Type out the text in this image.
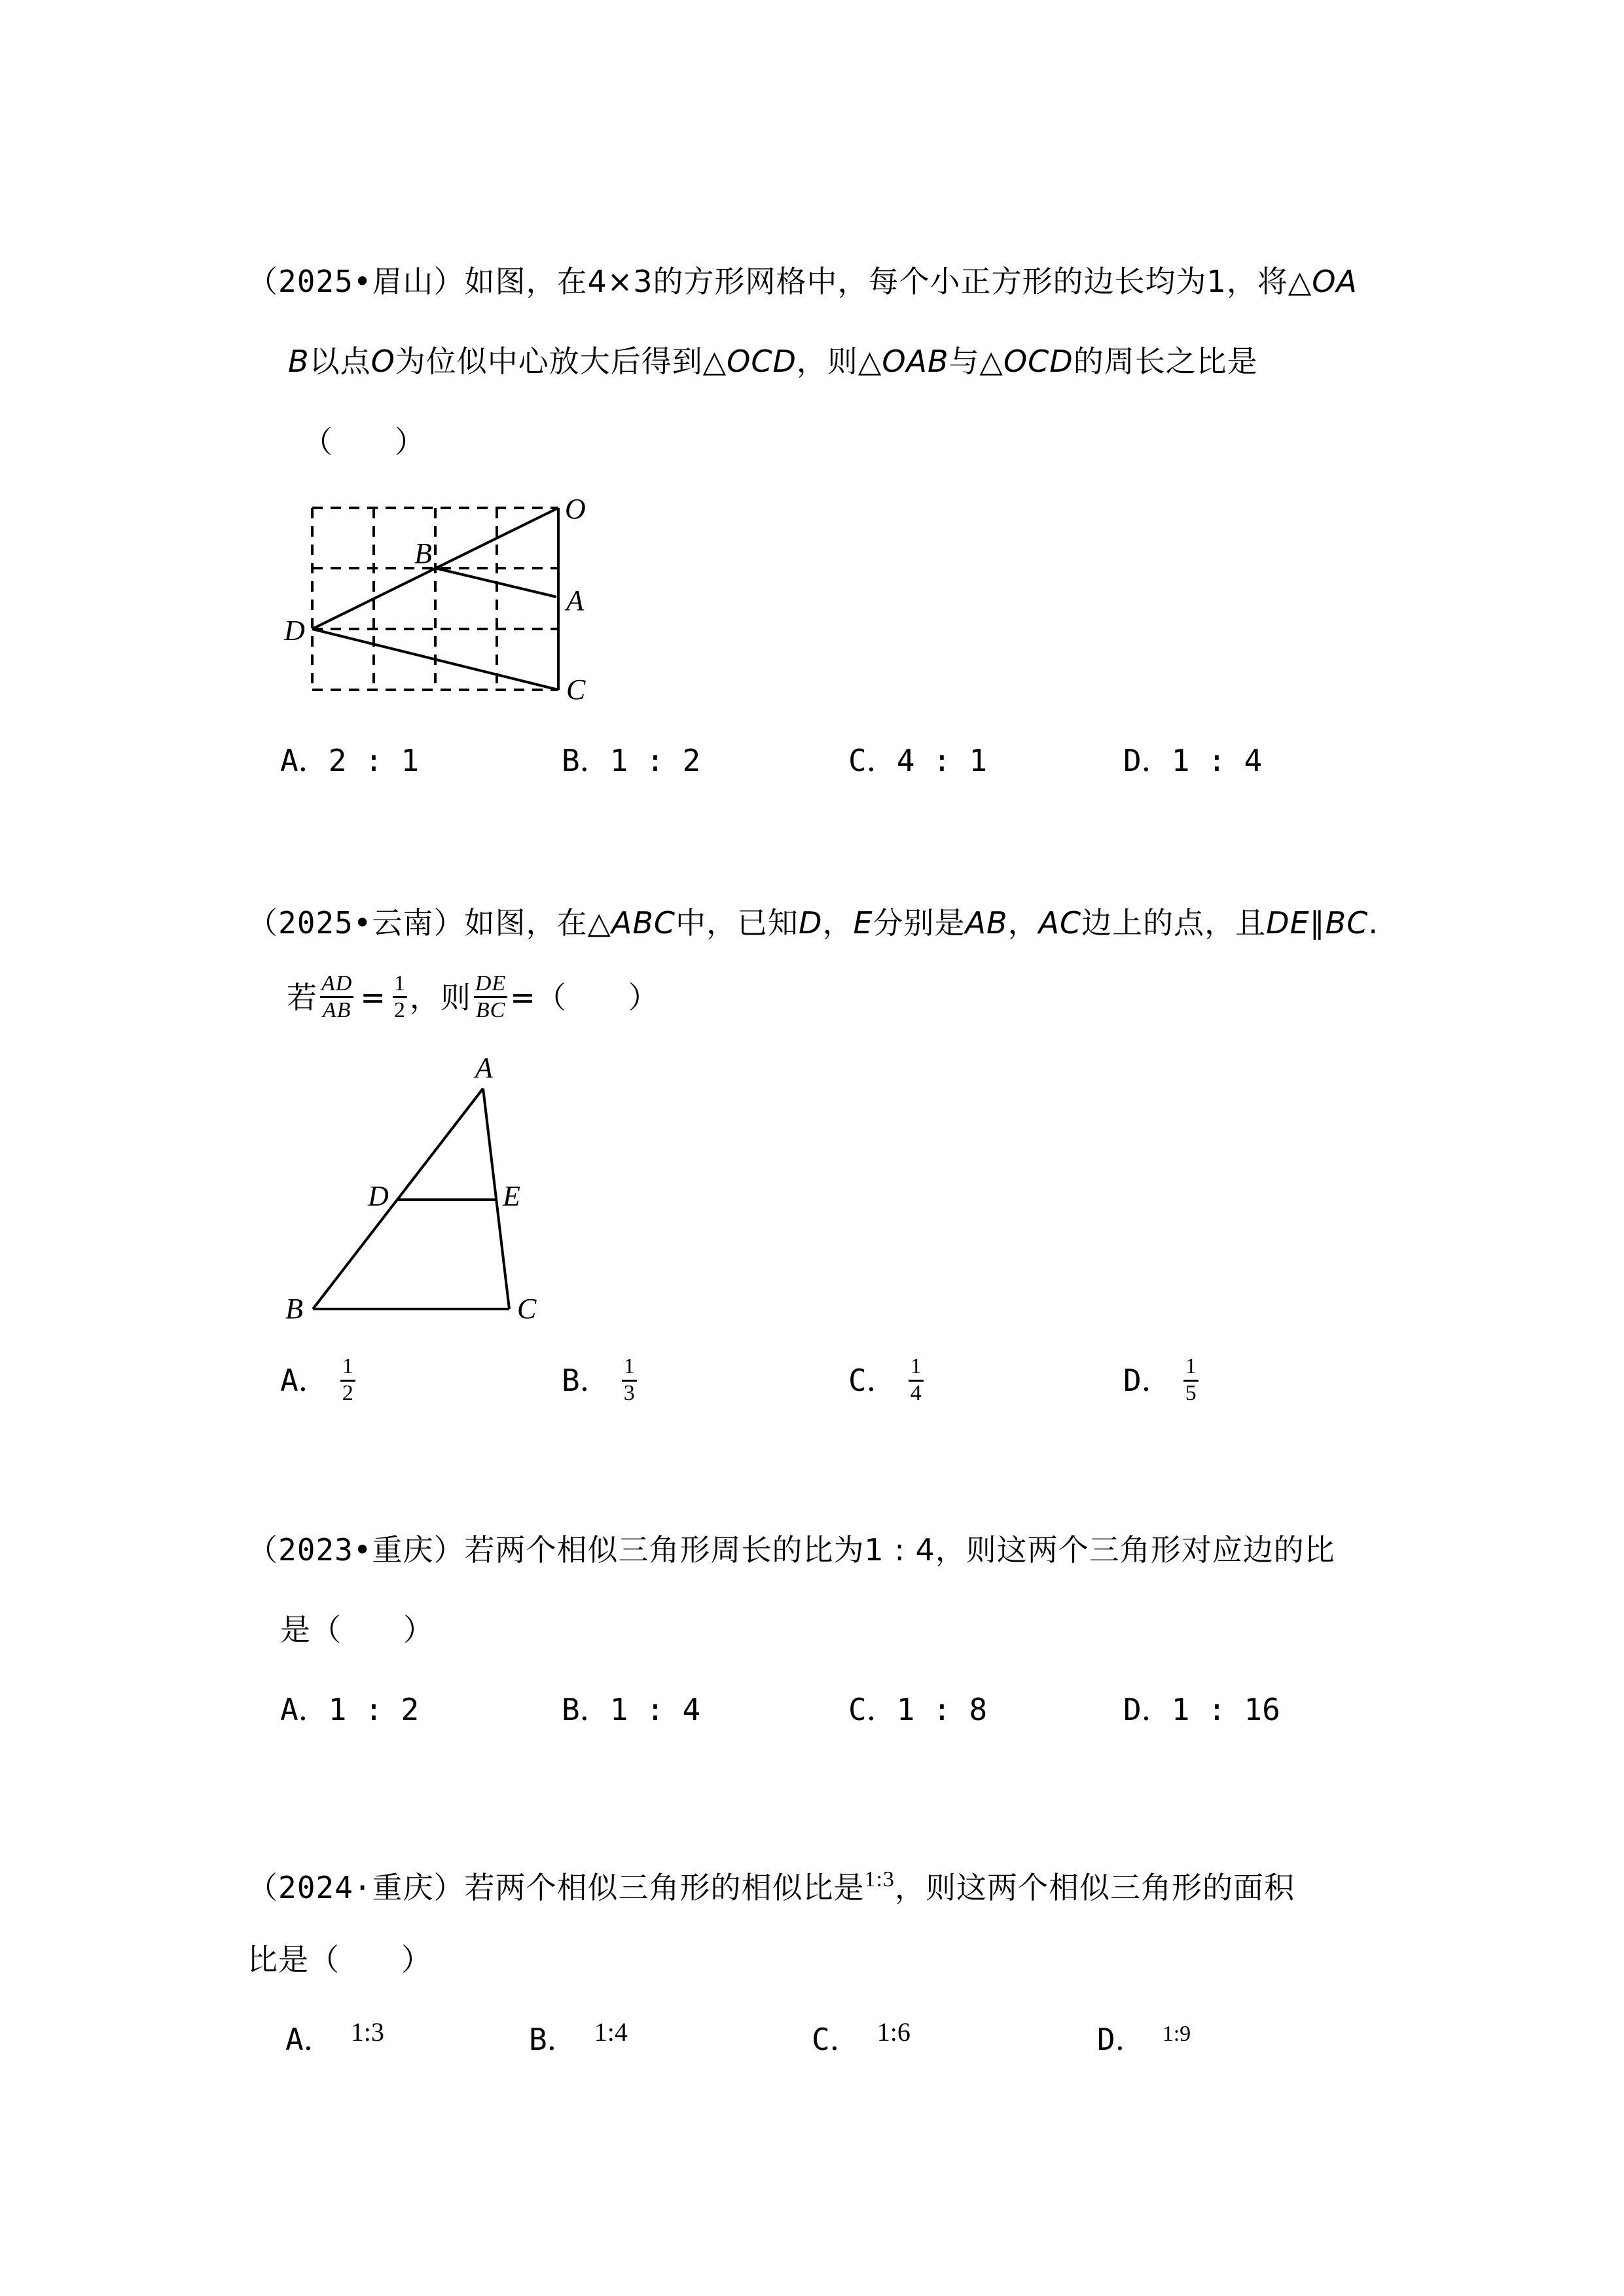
（2025•眉山）如图，在4×3的方形网格中，每个小正方形的边长均为1，将△OA
B以点O为位似中心放大后得到△OCD，则△OAB与△OCD的周长之比是
（　　）
O
A
B
C
D
A．2 : 1	B．1 : 2	C．4 : 1	D．1 : 4
（2025•云南）如图，在△ABC中，已知D，E分别是AB，AC边上的点，且DE∥BC.
若 $\frac{AD}{AB} = \frac{1}{2}$ ，则 $\frac{DE}{BC}$ =（　　）
A
B	C
D	E
A． 1
2	B． 1
3	C． 1
4	D． 1
5
（2023•重庆）若两个相似三角形周长的比为1 : 4，则这两个三角形对应边的比
是（　　）
A．1 : 2	B．1 : 4	C．1 : 8	D．1 : 16
（2024·重庆）若两个相似三角形的相似比是$^{1:3}$，则这两个相似三角形的面积
比是（　　）
A． 1:3	B． 1:4	C． 1:6	D． $^{1:9}$
